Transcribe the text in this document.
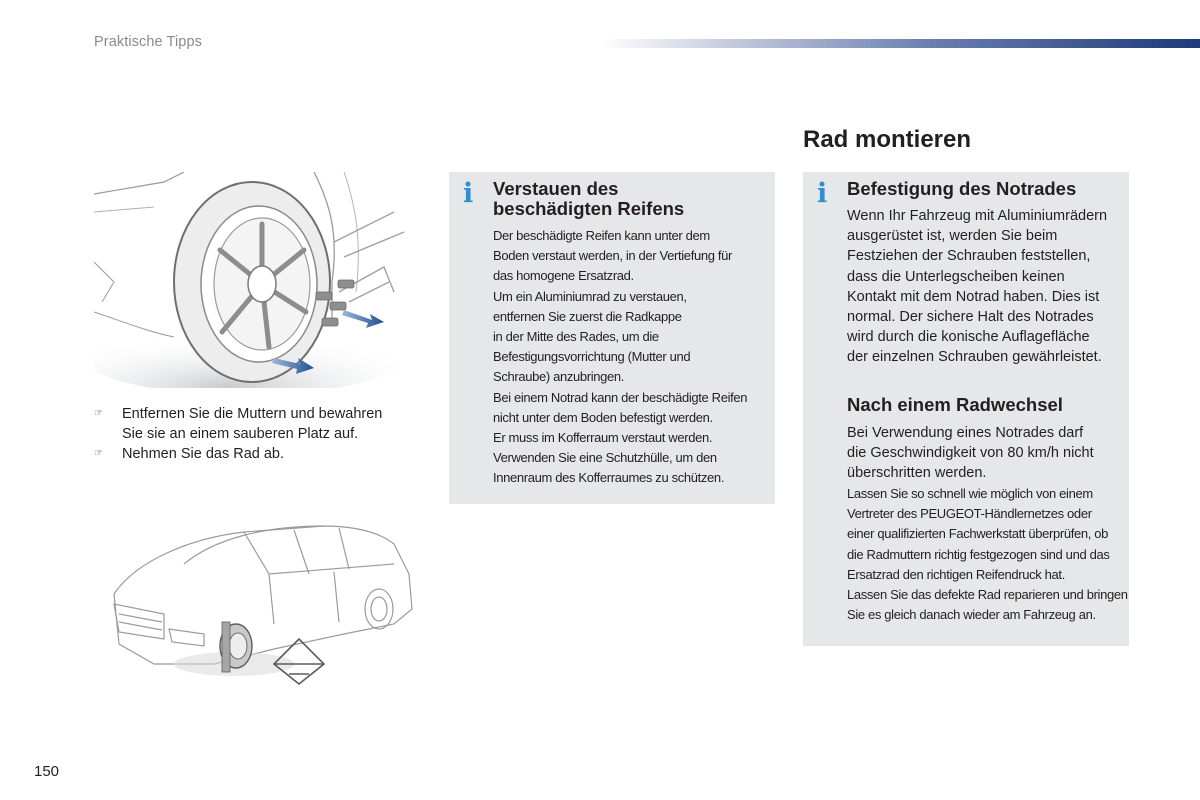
Praktische Tipps
☞	Entfernen Sie die Muttern und bewahren
Sie sie an einem sauberen Platz auf.
☞	Nehmen Sie das Rad ab.
i Verstauen des
beschädigten Reifens
Der beschädigte Reifen kann unter dem
Boden verstaut werden, in der Vertiefung für
das homogene Ersatzrad.
Um ein Aluminiumrad zu verstauen,
entfernen Sie zuerst die Radkappe
in der Mitte des Rades, um die
Befestigungsvorrichtung (Mutter und
Schraube) anzubringen.
Bei einem Notrad kann der beschädigte Reifen
nicht unter dem Boden befestigt werden.
Er muss im Kofferraum verstaut werden.
Verwenden Sie eine Schutzhülle, um den
Innenraum des Kofferraumes zu schützen.
Rad montieren
i Befestigung des Notrades
Wenn Ihr Fahrzeug mit Aluminiumrädern
ausgerüstet ist, werden Sie beim
Festziehen der Schrauben feststellen,
dass die Unterlegscheiben keinen
Kontakt mit dem Notrad haben. Dies ist
normal. Der sichere Halt des Notrades
wird durch die konische Auflagefläche
der einzelnen Schrauben gewährleistet.
Nach einem Radwechsel
Bei Verwendung eines Notrades darf
die Geschwindigkeit von 80 km/h nicht
überschritten werden.
Lassen Sie so schnell wie möglich von einem
Vertreter des PEUGEOT-Händlernetzes oder
einer qualifizierten Fachwerkstatt überprüfen, ob
die Radmuttern richtig festgezogen sind und das
Ersatzrad den richtigen Reifendruck hat.
Lassen Sie das defekte Rad reparieren und bringen
Sie es gleich danach wieder am Fahrzeug an.
150
